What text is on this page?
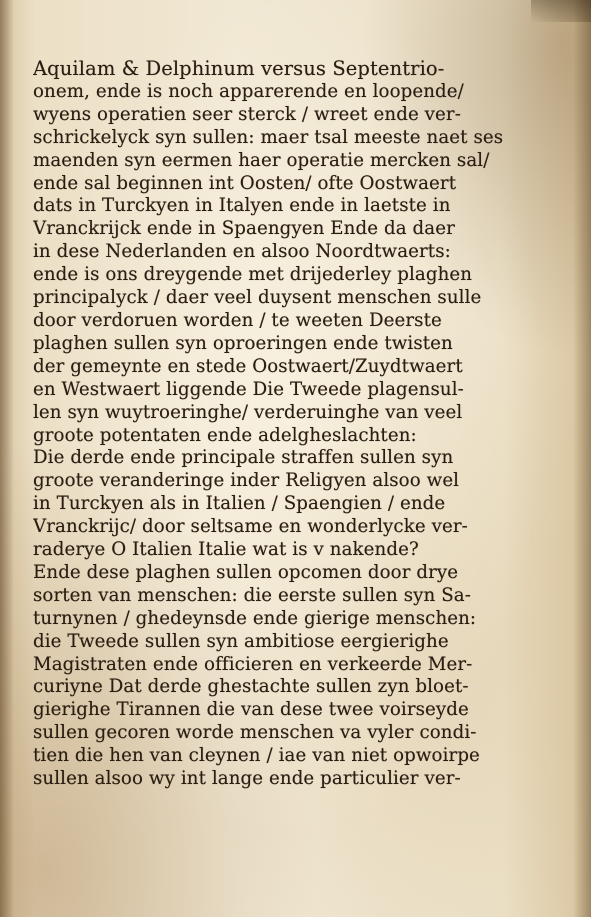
Aquilam & Delphinum versus Septentrio-
onem, ende is noch apparerende en loopende/
wyens operatien seer sterck / wreet ende ver-
schrickelyck syn sullen: maer tsal meeste naet ses
maenden syn eermen haer operatie mercken sal/
ende sal beginnen int Oosten/ ofte Oostwaert
dats in Turckyen in Italyen ende in laetste in
Vranckrijck ende in Spaengyen Ende da daer
in dese Nederlanden en alsoo Noordtwaerts:
ende is ons dreygende met drijederley plaghen
principalyck / daer veel duysent menschen sulle
door verdoruen worden / te weeten Deerste
plaghen sullen syn oproeringen ende twisten
der gemeynte en stede Oostwaert/Zuydtwaert
en Westwaert liggende Die Tweede plagensul-
len syn wuytroeringhe/ verderuinghe van veel
groote potentaten ende adelgheslachten:
Die derde ende principale straffen sullen syn
groote veranderinge inder Religyen alsoo wel
in Turckyen als in Italien / Spaengien / ende
Vranckrijc/ door seltsame en wonderlycke ver-
raderye O Italien Italie wat is v nakende?
Ende dese plaghen sullen opcomen door drye
sorten van menschen: die eerste sullen syn Sa-
turnynen / ghedeynsde ende gierige menschen:
die Tweede sullen syn ambitiose eergierighe
Magistraten ende officieren en verkeerde Mer-
curiyne Dat derde ghestachte sullen zyn bloet-
gierighe Tirannen die van dese twee voirseyde
sullen gecoren worde menschen va vyler condi-
tien die hen van cleynen / iae van niet opwoirpe
sullen alsoo wy int lange ende particulier ver-
